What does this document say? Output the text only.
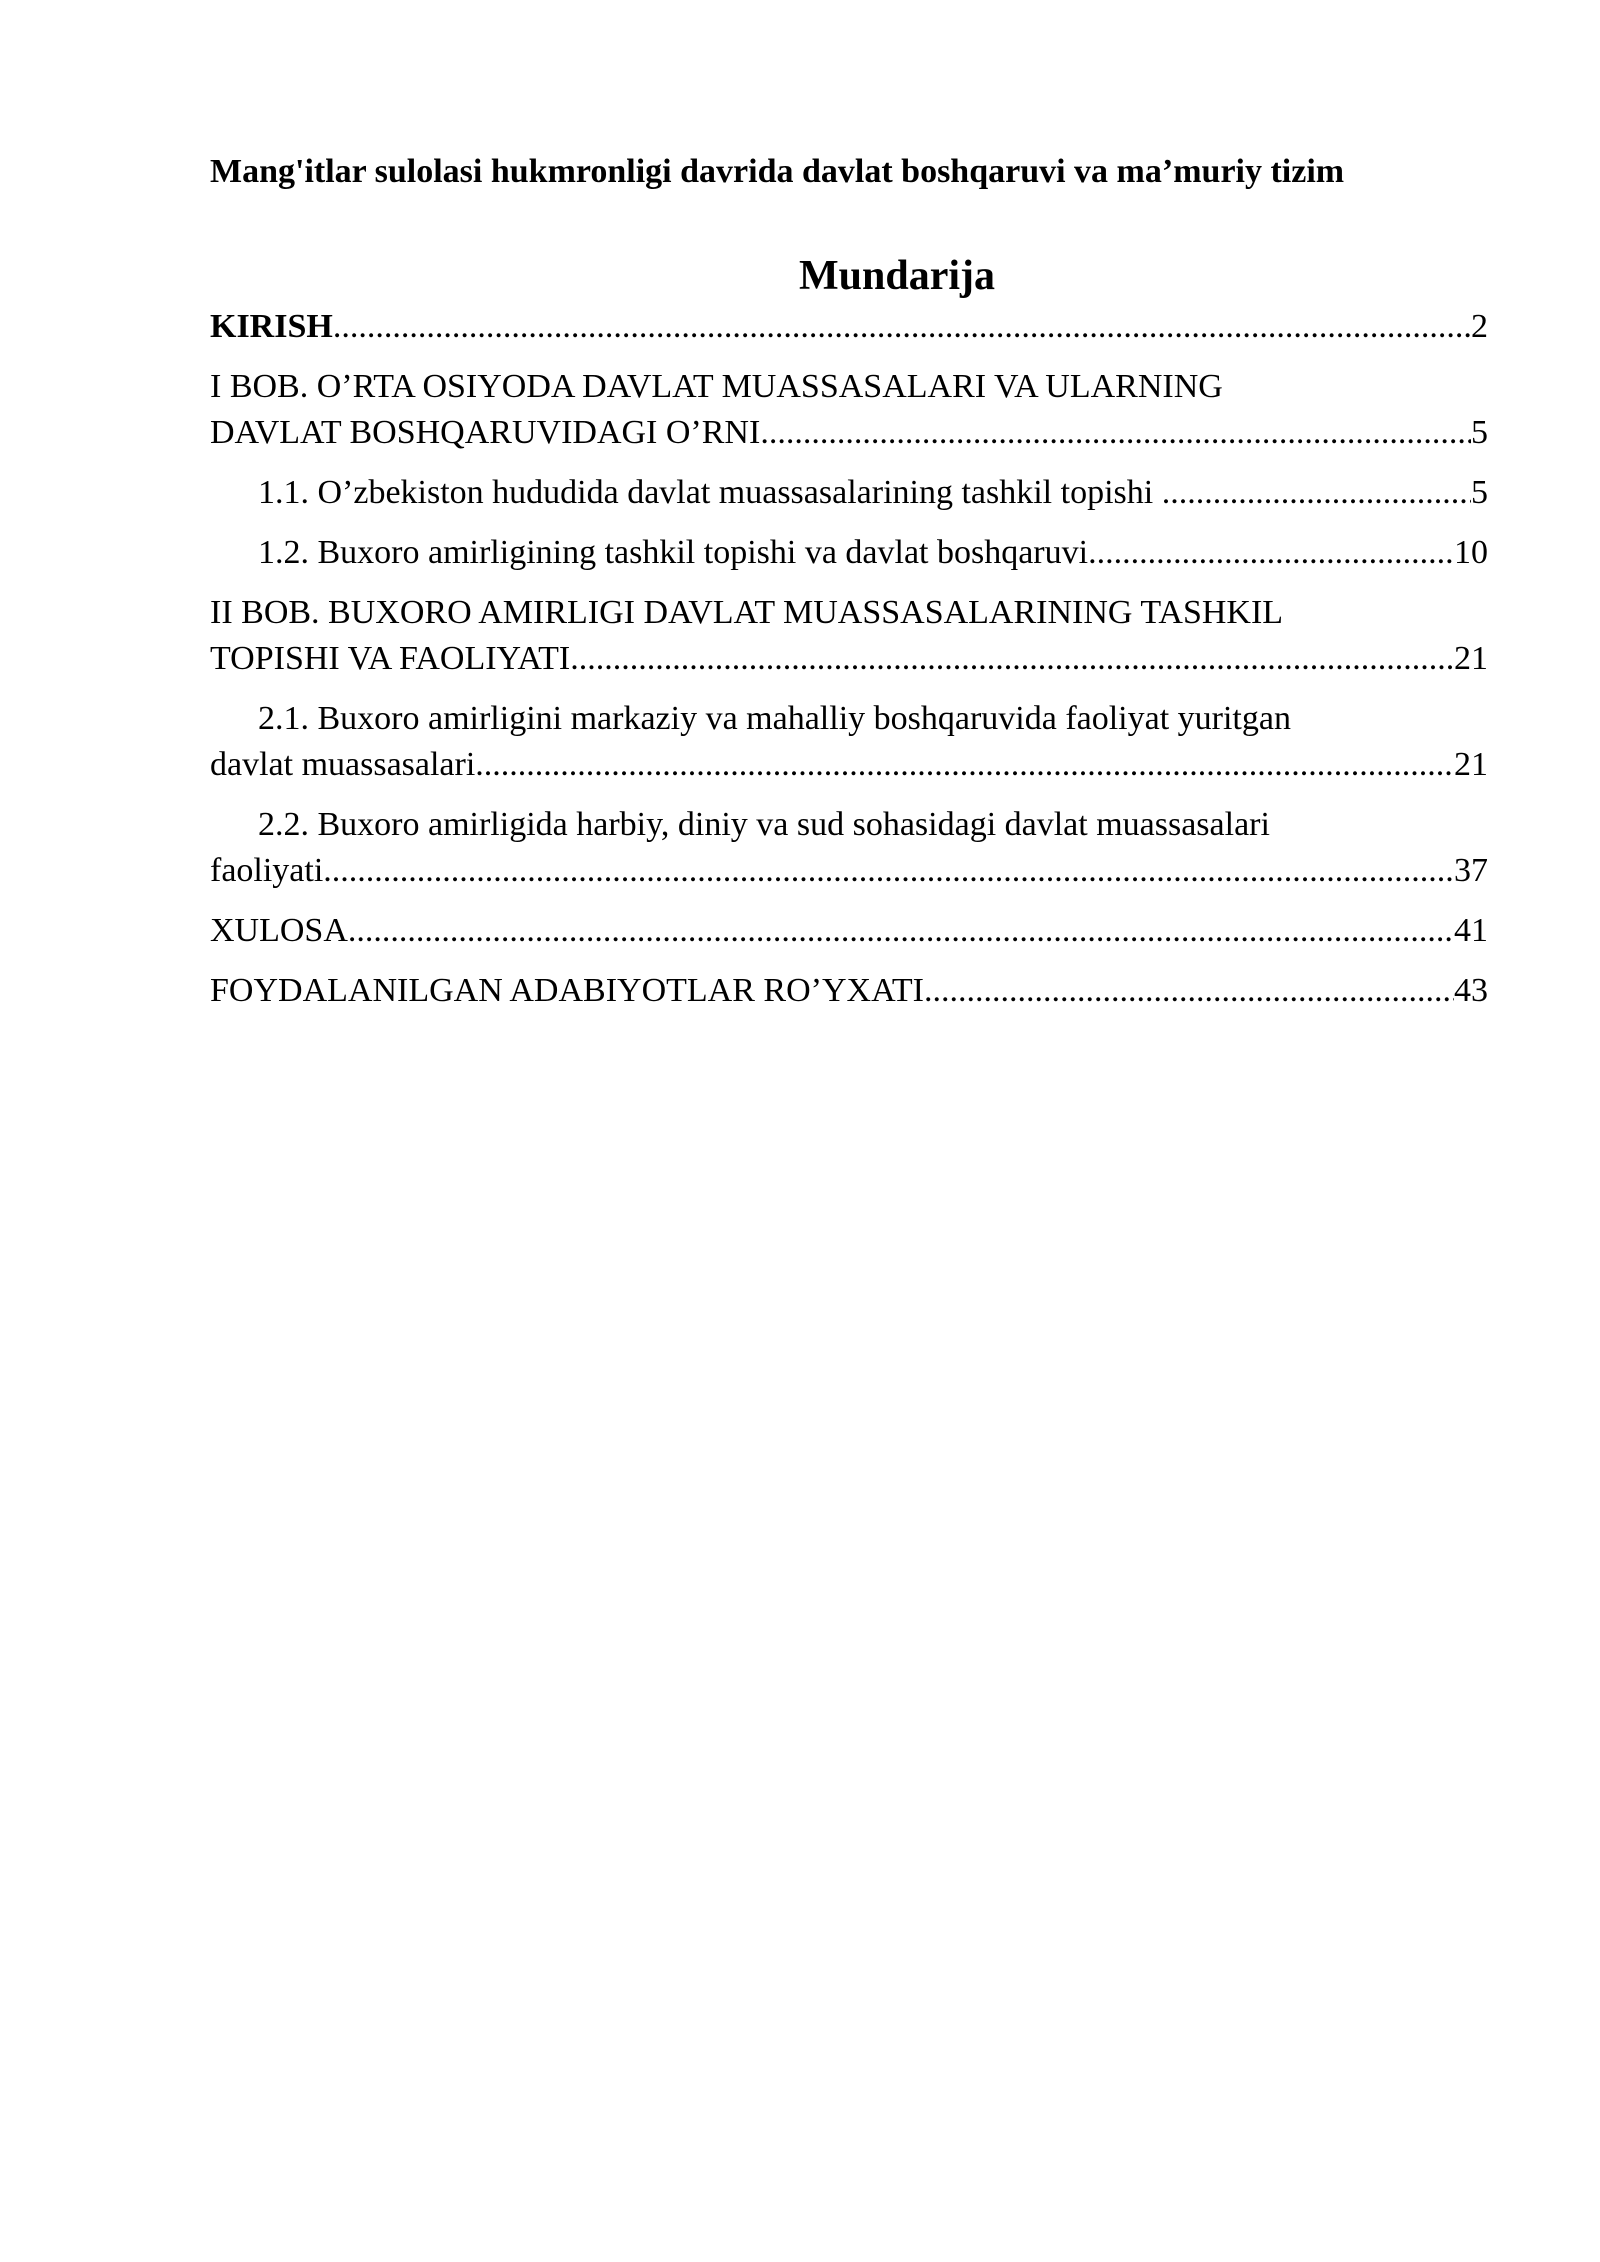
Mang'itlar sulolasi hukmronligi davrida davlat boshqaruvi va ma’muriy tizim
Mundarija
KIRISH .....	2
I BOB. O’RTA OSIYODA DAVLAT MUASSASALARI VA ULARNING
DAVLAT BOSHQARUVIDAGI O’RNI .....	5
1.1. O’zbekiston hududida davlat muassasalarining tashkil topishi .....	5
1.2. Buxoro amirligining tashkil topishi va davlat boshqaruvi .....	10
II BOB. BUXORO AMIRLIGI DAVLAT MUASSASALARINING TASHKIL
TOPISHI VA FAOLIYATI .....	21
2.1. Buxoro amirligini markaziy va mahalliy boshqaruvida faoliyat yuritgan
davlat muassasalari .....	21
2.2. Buxoro amirligida harbiy, diniy va sud sohasidagi davlat muassasalari
faoliyati .....	37
XULOSA .....	41
FOYDALANILGAN ADABIYOTLAR RO’YXATI .....	43
